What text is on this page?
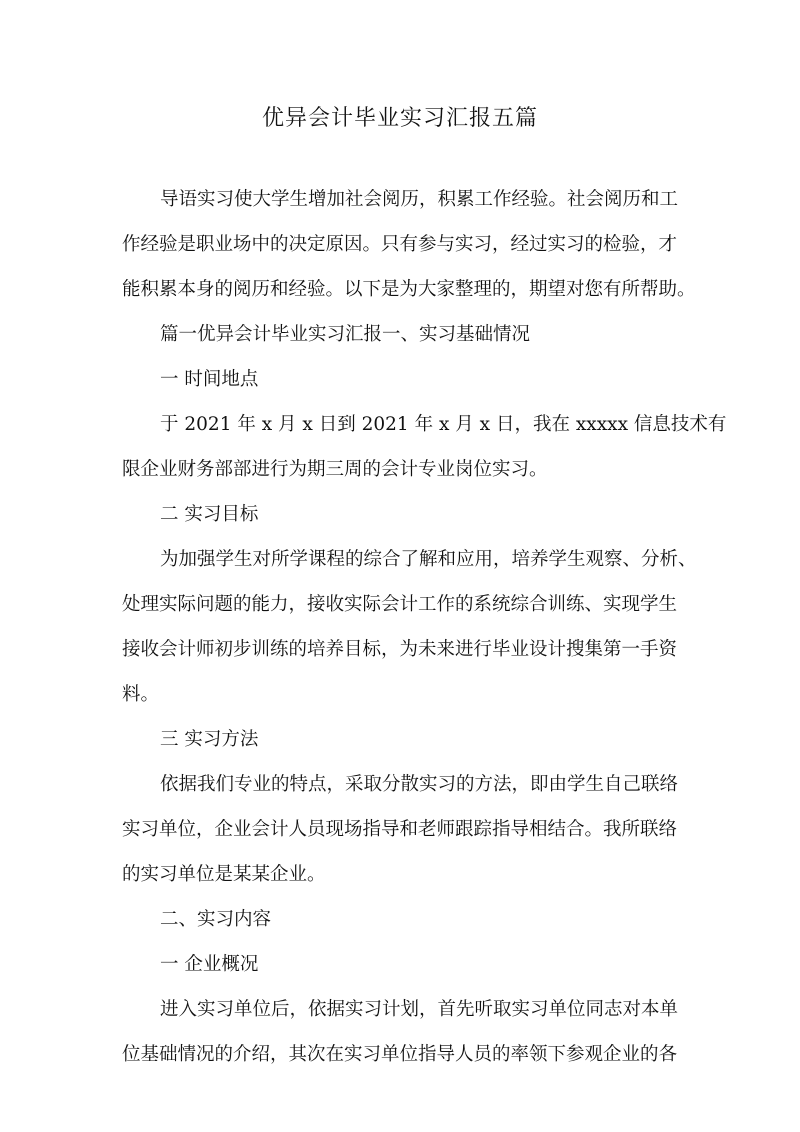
优异会计毕业实习汇报五篇

导语实习使大学生增加社会阅历，积累工作经验。社会阅历和工

作经验是职业场中的决定原因。只有参与实习，经过实习的检验，才

能积累本身的阅历和经验。以下是为大家整理的，期望对您有所帮助。

篇一优异会计毕业实习汇报一、实习基础情况

一 时间地点

于 2021 年 x 月 x 日到 2021 年 x 月 x 日，我在 xxxxx 信息技术有

限企业财务部部进行为期三周的会计专业岗位实习。

二 实习目标

为加强学生对所学课程的综合了解和应用，培养学生观察、分析、

处理实际问题的能力，接收实际会计工作的系统综合训练、实现学生

接收会计师初步训练的培养目标，为未来进行毕业设计搜集第一手资

料。

三 实习方法

依据我们专业的特点，采取分散实习的方法，即由学生自己联络

实习单位，企业会计人员现场指导和老师跟踪指导相结合。我所联络

的实习单位是某某企业。

二、实习内容

一 企业概况

进入实习单位后，依据实习计划，首先听取实习单位同志对本单

位基础情况的介绍，其次在实习单位指导人员的率领下参观企业的各
